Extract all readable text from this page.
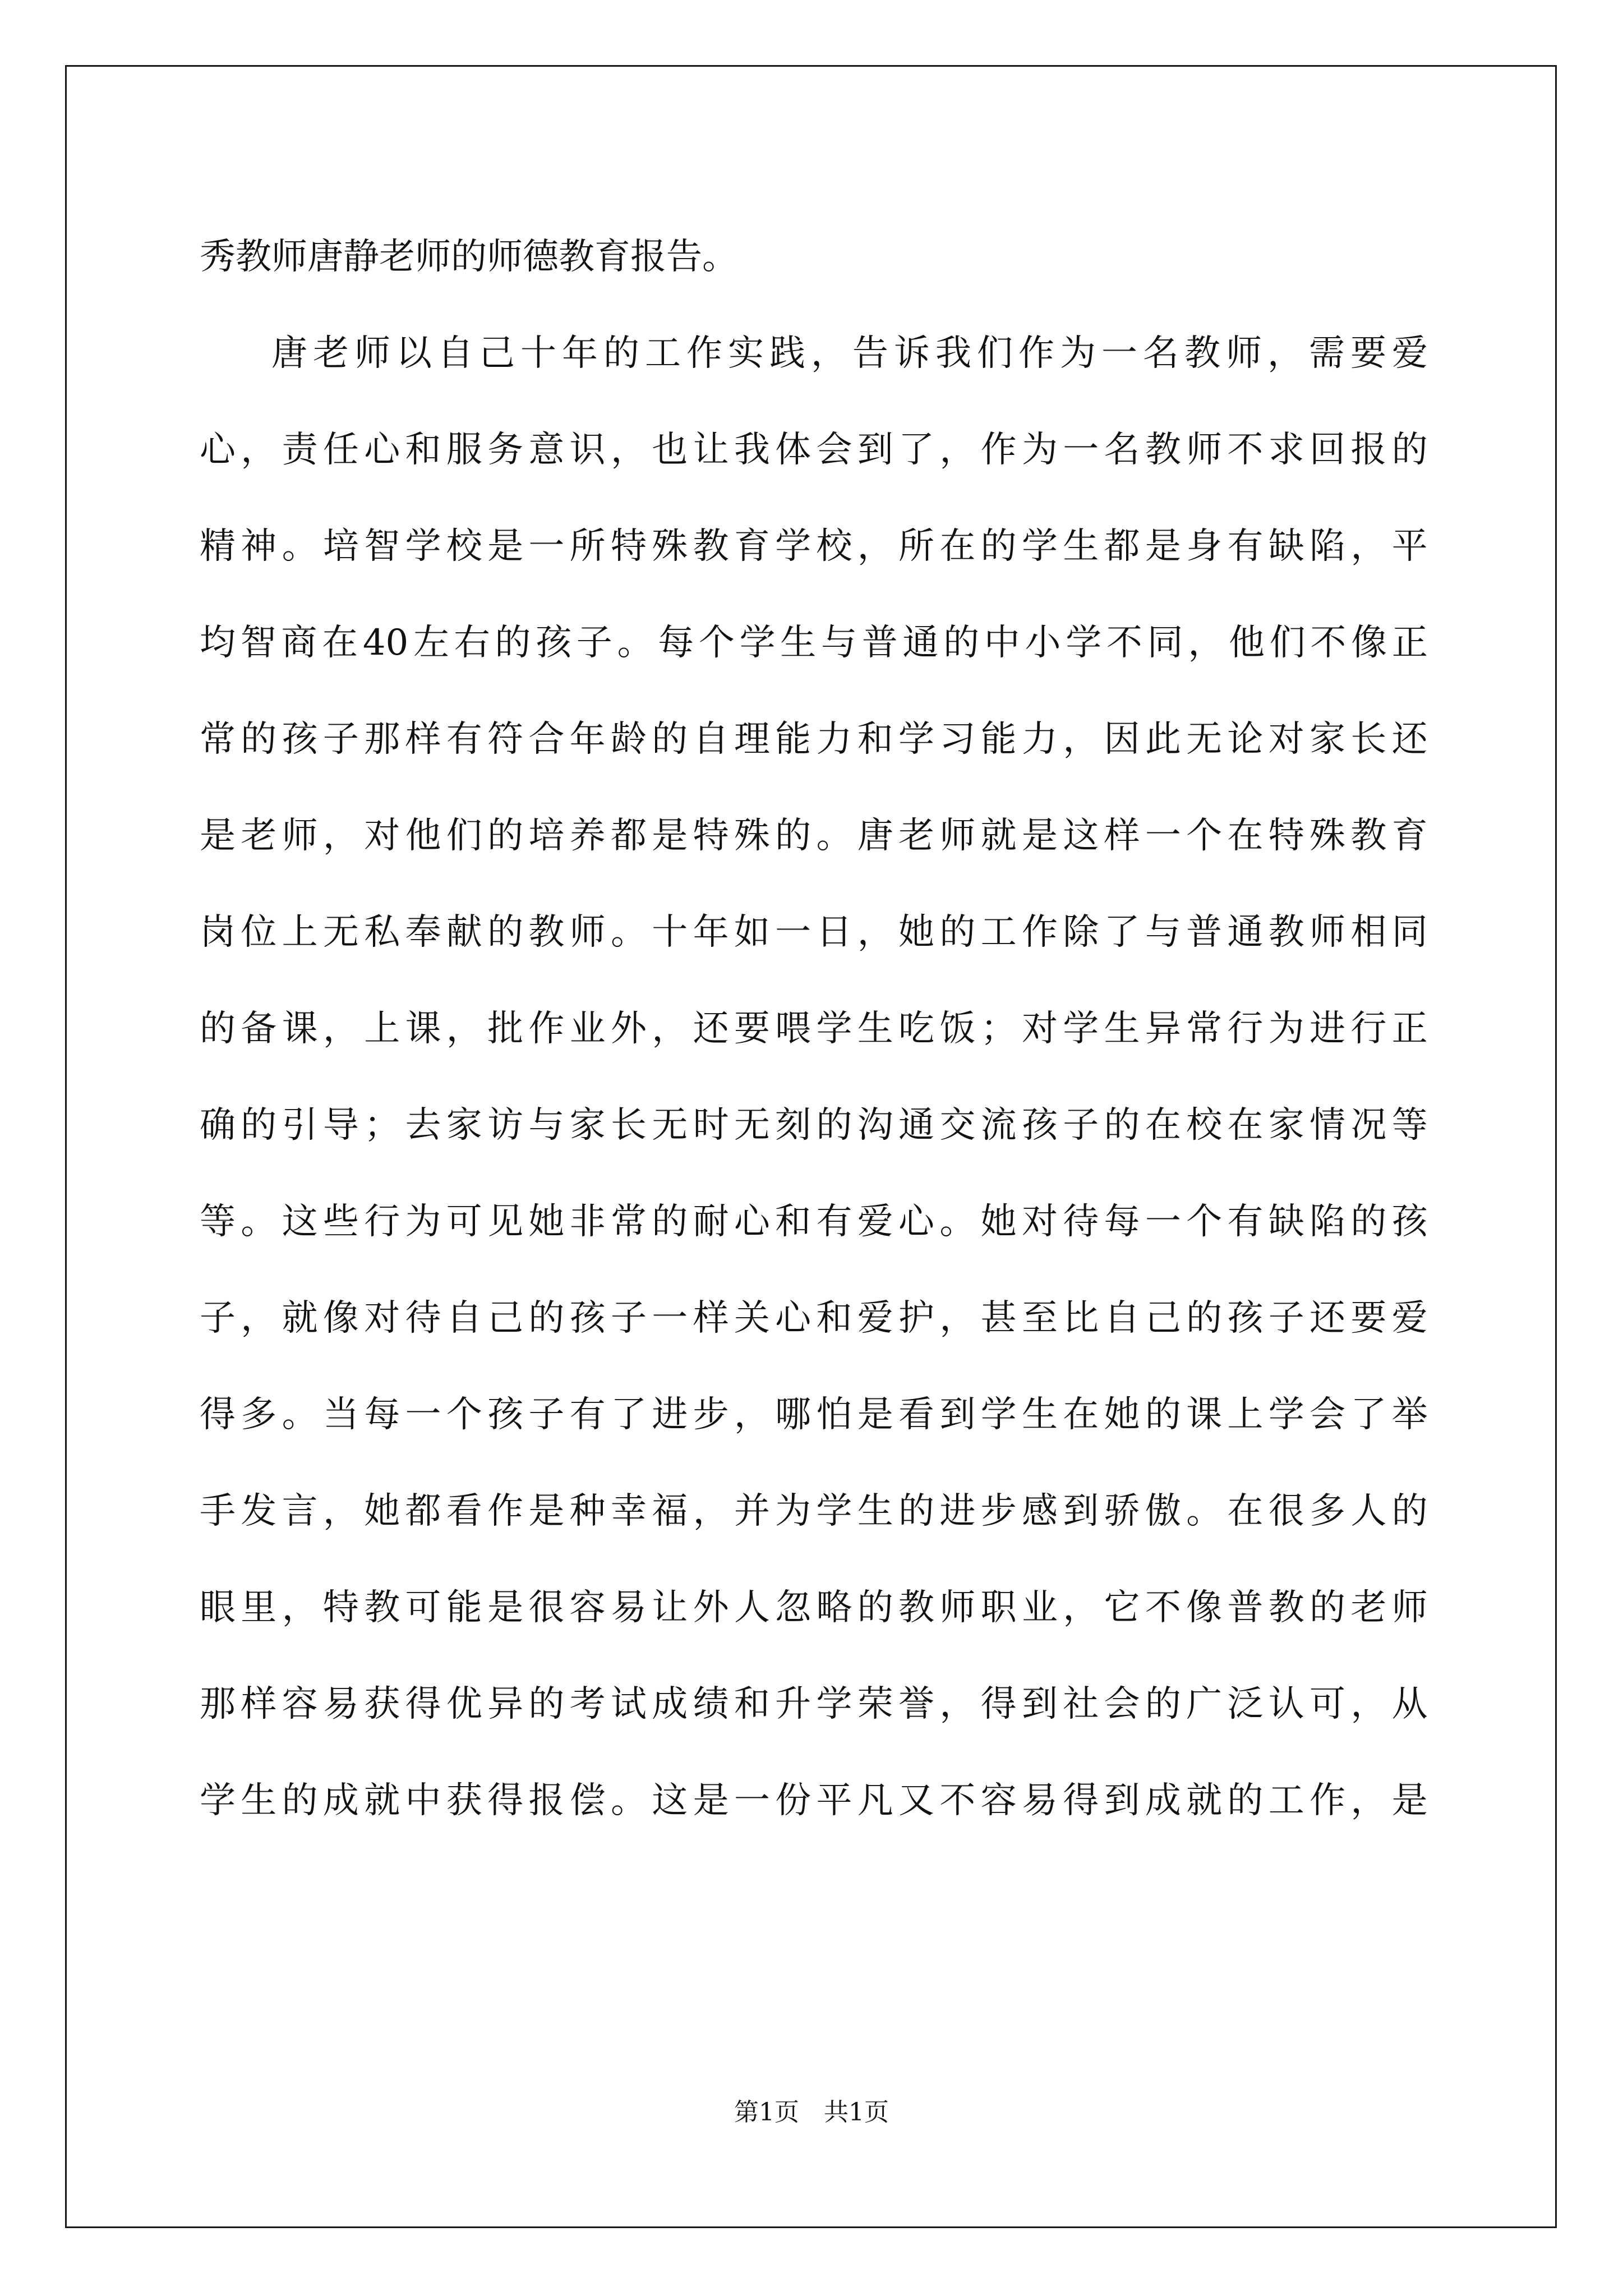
秀 教 师 唐 静 老 师 的 师 德 教 育 报 告 。
唐 老 师 以 自 己 十 年 的 工 作 实 践 ， 告 诉 我 们 作 为 一 名 教 师 ， 需 要 爱
心 ， 责 任 心 和 服 务 意 识 ， 也 让 我 体 会 到 了 ， 作 为 一 名 教 师 不 求 回 报 的
精 神 。 培 智 学 校 是 一 所 特 殊 教 育 学 校 ， 所 在 的 学 生 都 是 身 有 缺 陷 ， 平
均 智 商 在 40 左 右 的 孩 子 。 每 个 学 生 与 普 通 的 中 小 学 不 同 ， 他 们 不 像 正
常 的 孩 子 那 样 有 符 合 年 龄 的 自 理 能 力 和 学 习 能 力 ， 因 此 无 论 对 家 长 还
是 老 师 ， 对 他 们 的 培 养 都 是 特 殊 的 。 唐 老 师 就 是 这 样 一 个 在 特 殊 教 育
岗 位 上 无 私 奉 献 的 教 师 。 十 年 如 一 日 ， 她 的 工 作 除 了 与 普 通 教 师 相 同
的 备 课 ， 上 课 ， 批 作 业 外 ， 还 要 喂 学 生 吃 饭 ； 对 学 生 异 常 行 为 进 行 正
确 的 引 导 ； 去 家 访 与 家 长 无 时 无 刻 的 沟 通 交 流 孩 子 的 在 校 在 家 情 况 等
等 。 这 些 行 为 可 见 她 非 常 的 耐 心 和 有 爱 心 。 她 对 待 每 一 个 有 缺 陷 的 孩
子 ， 就 像 对 待 自 己 的 孩 子 一 样 关 心 和 爱 护 ， 甚 至 比 自 己 的 孩 子 还 要 爱
得 多 。 当 每 一 个 孩 子 有 了 进 步 ， 哪 怕 是 看 到 学 生 在 她 的 课 上 学 会 了 举
手 发 言 ， 她 都 看 作 是 种 幸 福 ， 并 为 学 生 的 进 步 感 到 骄 傲 。 在 很 多 人 的
眼 里 ， 特 教 可 能 是 很 容 易 让 外 人 忽 略 的 教 师 职 业 ， 它 不 像 普 教 的 老 师
那 样 容 易 获 得 优 异 的 考 试 成 绩 和 升 学 荣 誉 ， 得 到 社 会 的 广 泛 认 可 ， 从
学 生 的 成 就 中 获 得 报 偿 。 这 是 一 份 平 凡 又 不 容 易 得 到 成 就 的 工 作 ， 是
第1页　共1页
